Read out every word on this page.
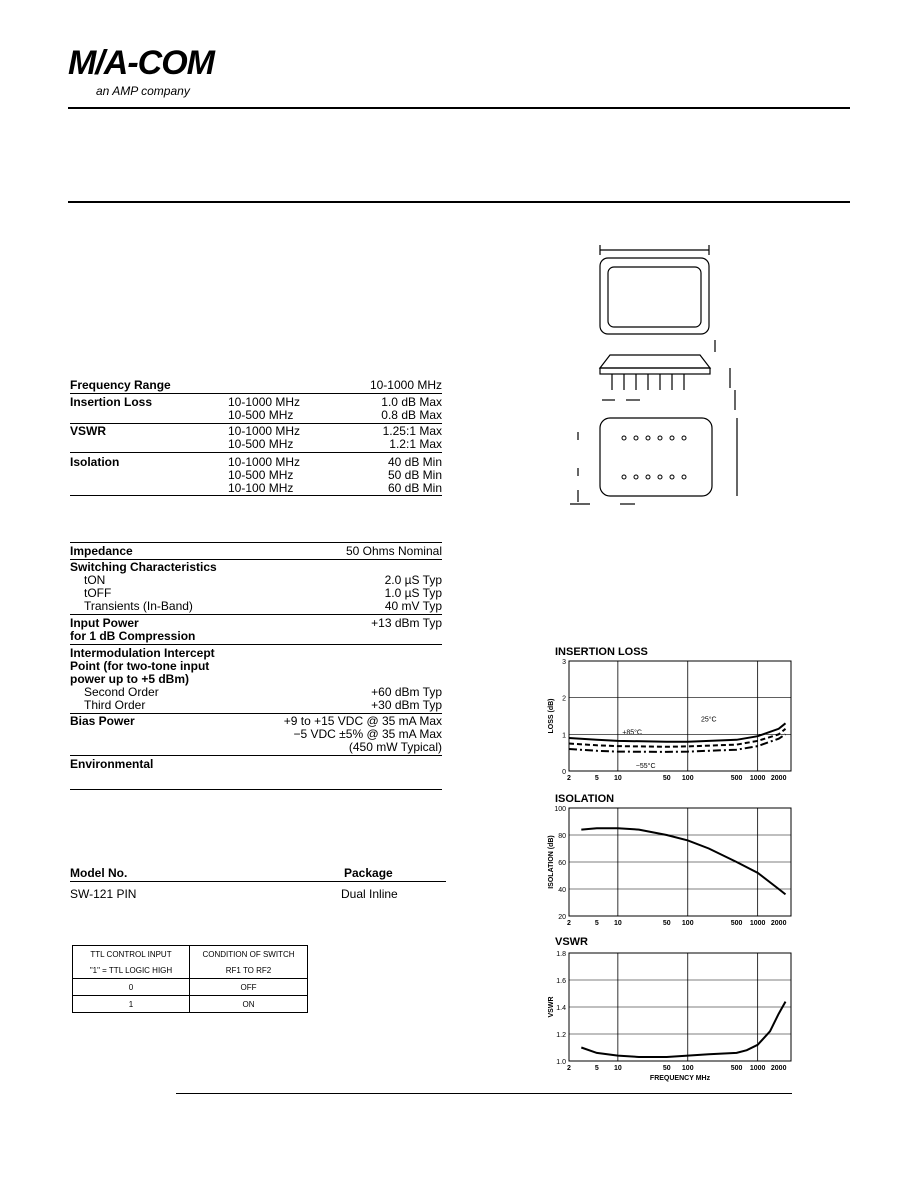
M/A-COM
an AMP company
Frequency Range	10-1000 MHz
Insertion Loss	10-1000 MHz	1.0 dB Max
10-500 MHz	0.8 dB Max
VSWR	10-1000 MHz	1.25:1 Max
10-500 MHz	1.2:1 Max
Isolation	10-1000 MHz	40 dB Min
10-500 MHz	50 dB Min
10-100 MHz	60 dB Min
Impedance	50 Ohms Nominal
Switching Characteristics
tON	2.0 µS Typ
tOFF	1.0 µS Typ
Transients (In-Band)	40 mV Typ
Input Power	+13 dBm Typ
for 1 dB Compression
Intermodulation Intercept
Point (for two-tone input
power up to +5 dBm)
Second Order	+60 dBm Typ
Third Order	+30 dBm Typ
Bias Power	+9 to +15 VDC @ 35 mA Max
−5 VDC ±5% @ 35 mA Max
(450 mW Typical)
Environmental
Model No.	Package
SW-121 PIN	Dual Inline
TTL CONTROL INPUT	CONDITION OF SWITCH
"1" = TTL LOGIC HIGH	RF1 TO RF2
0	OFF
1	ON
INSERTION LOSS
0
1
2
3
2	5 10	50 100	500 1000 2000
LOSS (dB)	+85°C
25°C
−55°C
ISOLATION
20
40
60
80
100
2	5 10	50 100	500 1000 2000
ISOLATION (dB)
VSWR
1.0
1.2
1.4
1.6
1.8
2	5 10	50 100	500 1000 2000
VSWR
FREQUENCY MHz
